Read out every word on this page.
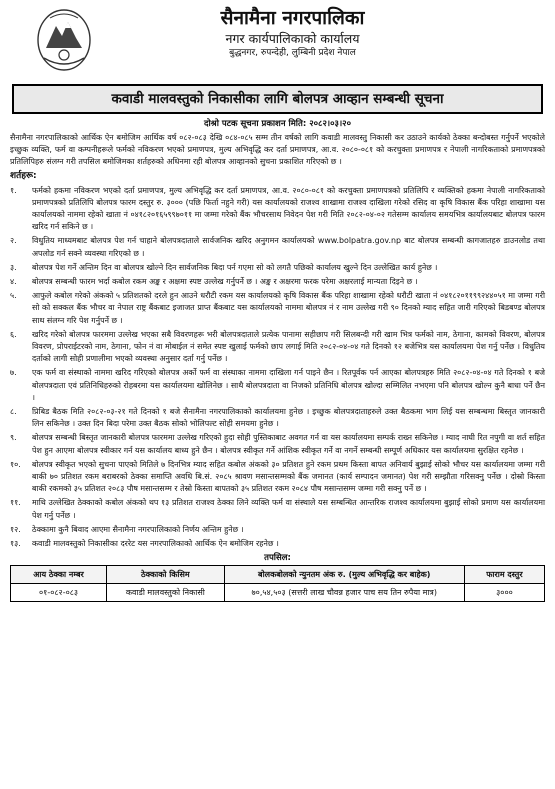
सैनामैना नगरपालिका
नगर कार्यपालिकाको कार्यालय
बुद्धनगर, रुपन्देही, लुम्बिनी प्रदेश नेपाल
कवाडी मालवस्तुको निकासीका लागि बोलपत्र आव्हान सम्बन्धी सूचना
दोश्रो पटक सूचना प्रकाशन मिति: २०८२।०३।२०
सैनामैना नगरपालिकाको आर्थिक ऐन बमोजिम आर्थिक वर्ष ०८२-०८३ देखि ०८४-०८५ सम्म तीन वर्षको लागि कवाडी मालवस्तु निकासी कर उठाउने कार्यको ठेक्का बन्दोबस्त गर्नुपर्ने भएकोले इच्छुक व्यक्ति, फर्म वा कम्पनीहरूले फर्मको नविकरण भएको प्रमाणपत्र, मुल्य अभिवृद्धि कर दर्ता प्रमाणपत्र, आ.व. २०८०-०८१ को करचुक्ता प्रमाणपत्र र नेपाली नागरिकताको प्रमाणपत्रको प्रतिलिपिहरु संलग्न गरी तपसिल बमोजिमका शर्तहरुको अधिनमा रही बोलपत्र आव्हानको सुचना प्रकाशित गरिएको छ ।
शर्तहरू:
१.	फर्मको हकमा नविकरण भएको दर्ता प्रमाणपत्र, मुल्य अभिवृद्धि कर दर्ता प्रमाणपत्र, आ.व. २०८०-०८१ को करचुक्ता प्रमाणपत्रको प्रतिलिपि र व्यक्तिको हकमा नेपाली नागरिकताको प्रमाणपत्रको प्रतिलिपि बोलपत्र फारम दस्तुर रु. ३००० (पछि फिर्ता नहुने गरी) यस कार्यालयको राजश्व शाखामा राजश्व दाखिला गरेको रसिद वा कृषि विकास बैंक परिहा शाखामा यस कार्यालयको नाममा रहेको खाता नं ०४१८२०१६५९९७०११ मा जम्मा गरेको बैंक भौचरसाथ निवेदन पेश गरी मिति २०८२-०४-०२ गतेसम्म कार्यालय समयभित्र कार्यालयबाट बोलपत्र फारम खरिद गर्न सकिने छ ।
२.	विधुतिय माध्यमबाट बोलपत्र पेश गर्न चाहाने बोलपत्रदाताले सार्वजनिक खरिद अनुगमन कार्यालयको www.bolpatra.gov.np बाट बोलपत्र सम्बन्धी कागजातहरु डाउनलोड तथा अपलोड गर्न सक्ने व्यवस्था गरिएको छ ।
३.	बोलपत्र पेश गर्ने अन्तिम दिन वा बोलपत्र खोल्ने दिन सार्वजनिक बिदा पर्न गएमा सो को लगतै पछिको कार्यालय खुल्ने दिन उल्लेखित कार्य हुनेछ ।
४.	बोलपत्र सम्बन्धी फारम भर्दा कबोल रकम अङ्क र अक्षमा स्पष्ट उल्लेख गर्नुपर्ने छ । अङ्क र अक्षरमा फरक परेमा अक्षरलाई मान्यता दिइने छ ।
५.	आफुले कबोल गरेको अंकको ५ प्रतिशतको दरले हुन आउने धरौटी रकम यस कार्यालयको कृषि विकास बैंक परिहा शाखामा रहेको धरौटी खाता नं ०४१८२०११९९२४४०५१ मा जम्मा गरी सो को सक्कल बैंक भौचर वा नेपाल राष्ट्र बैंकबाट इजाजत प्राप्त बैंकबाट यस कार्यालयको नाममा बोलपत्र नं र नाम उल्लेख गरी ९० दिनको म्याद सहित जारी गरिएको बिडबण्ड बोलपत्र साथ संलग्न गरि पेश गर्नुपर्ने छ ।
६.	खरिद गरेको बोलपत्र फारममा उल्लेख भएका सबै विवरणहरू भरी बोलपत्रदाताले प्रत्येक पानामा सहीछाप गरी सिलबन्दी गरी खाम भित्र फर्मको नाम, ठेगाना, कामको विवरण, बोलपत्र विवरण, प्रोपराईटरको नाम, ठेगाना, फोन नं वा मोबाईल नं समेत स्पष्ट खुलाई फर्मको छाप लगाई मिति २०८२-०४-०४ गते दिनको १२ बजेभित्र यस कार्यालयमा पेश गर्नु पर्नेछ । विधुतिय दर्ताको लागी सोही प्रणालीमा भएको व्यवस्था अनुसार दर्ता गर्नु पर्नेछ ।
७.	एक फर्म वा संस्थाको नाममा खरिद गरिएको बोलपत्र अर्को फर्म वा संस्थाका नाममा दाखिला गर्न पाइने छैन । रितपूर्वक पर्न आएका बोलपत्रहरु मिति २०८२-०४-०४ गते दिनको १ बजे बोलपत्रदाता एवं प्रतिनिधिहरुको रोहबरमा यस कार्यालयमा खोलिनेछ । साथै बोलपत्रदाता वा निजको प्रतिनिधि बोलपत्र खोल्दा सम्मिलित नभएमा पनि बोलपत्र खोल्न कुनै बाधा पर्ने छैन ।
८.	प्रिबिड बैठक मिति २०८२-०३-२१ गते दिनको १ बजे सैनामैना नगरपालिकाको कार्यालयमा हुनेछ । इच्छुक बोलपत्रदाताहरुले उक्त बैठकमा भाग लिई यस सम्बन्धमा बिस्तृत जानकारी लिन सकिनेछ । उक्त दिन बिदा परेमा उक्त बैठक सोको भोलिपल्ट सोही समयमा हुनेछ ।
९.	बोलपत्र सम्बन्धी बिस्तृत जानकारी बोलपत्र फारममा उल्लेख गरिएको हुदा सोही पुस्तिकाबाट अवगत गर्न वा यस कार्यालयमा सम्पर्क राख्न सकिनेछ । म्याद नाघी रित नपुगी वा शर्त सहित पेश हुन आएमा बोलपत्र स्वीकार गर्न यस कार्यालय बाध्य हुने छैन । बोलपत्र स्वीकृत गर्ने आंशिक स्वीकृत गर्ने वा नगर्ने सम्बन्धी सम्पूर्ण अधिकार यस कार्यालयमा सुरक्षित रहनेछ ।
१०.	बोलपत्र स्वीकृत भएको सुचना पाएको मितिले ७ दिनभित्र म्याद सहित कबोल अंकको ३० प्रतिशत हुने रकम प्रथम किस्ता बापत अनिवार्य बुझाई सोको भौचर यस कार्यालयमा जम्मा गरी बाकी ७० प्रतिशत रकम बराबरको ठेक्का समाप्ति अवधि बि.सं. २०८५ श्रावण मसान्तसम्मको बैंक जमानत (कार्य सम्पादन जमानत) पेश गरी सम्झौता गरिसक्नु पर्नेछ । दोस्रो किस्ता बाकी रकमको ३५ प्रतिशत २०८३ पौष मसान्तसम्म र तेस्रो किस्ता बापतको ३५ प्रतिशत रकम २०८४ पौष मसान्तसम्म जम्मा गरी सक्नु पर्ने छ ।
११.	माथि उल्लेखित ठेक्काको कबोल अंकको थप १३ प्रतिशत राजश्व ठेक्का लिने व्यक्ति फर्म वा संस्थाले यस सम्बन्धित आन्तरिक राजश्व कार्यालयमा बुझाई सोको प्रमाण यस कार्यालयमा पेश गर्नु पर्नेछ ।
१२.	ठेक्कामा कुनै बिवाद आएमा सैनामैना नगरपालिकाको निर्णय अन्तिम हुनेछ ।
१३.	कवाडी मालवस्तुको निकासीका दररेट यस नगरपालिकाको आर्थिक ऐन बमोजिम रहनेछ ।
तपसिल:
आय ठेक्का नम्बर	ठेक्काको किसिम	बोलकबोलको न्युनतम अंक रु. (मुल्य अभिवृद्धि कर बाहेक)	फाराम दस्तुर
०१-०८२-०८३	कवाडी मालवस्तुको निकासी	७०,५४,५०३ (सत्तरी लाख चौवन्न हजार पाच सय तिन रुपैया मात्र)	३०००
